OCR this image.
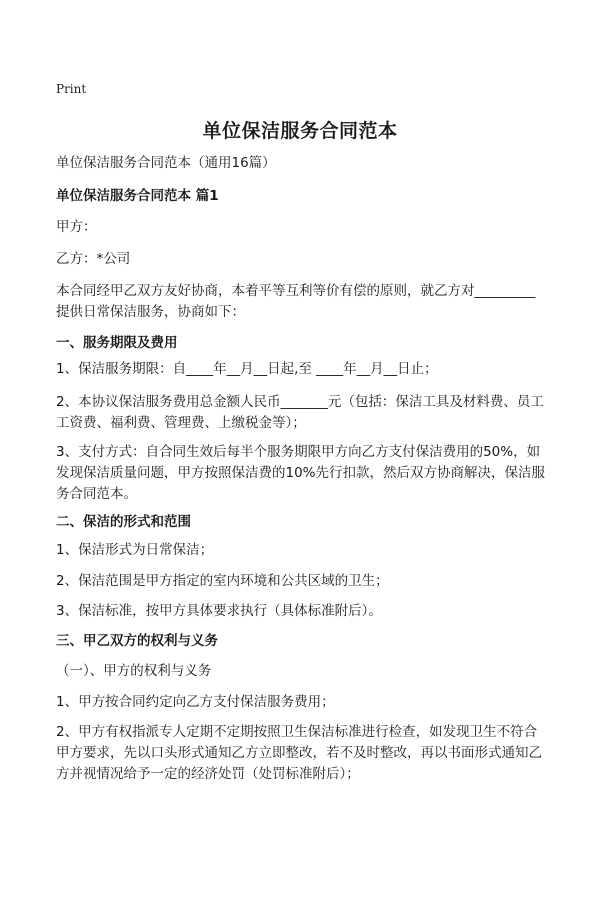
Print
单位保洁服务合同范本
单位保洁服务合同范本（通用16篇）
单位保洁服务合同范本 篇1
甲方：
乙方：*公司
本合同经甲乙双方友好协商，本着平等互利等价有偿的原则，就乙方对_________
提供日常保洁服务，协商如下：
一、服务期限及费用
1、保洁服务期限：自____年__月__日起,至 ____年__月__日止；
2、本协议保洁服务费用总金额人民币_______元（包括：保洁工具及材料费、员工
工资费、福利费、管理费、上缴税金等）；
3、支付方式：自合同生效后每半个服务期限甲方向乙方支付保洁费用的50%，如
发现保洁质量问题，甲方按照保洁费的10%先行扣款，然后双方协商解决，保洁服
务合同范本。
二、保洁的形式和范围
1、保洁形式为日常保洁；
2、保洁范围是甲方指定的室内环境和公共区域的卫生；
3、保洁标准，按甲方具体要求执行（具体标准附后）。
三、甲乙双方的权利与义务
（一）、甲方的权利与义务
1、甲方按合同约定向乙方支付保洁服务费用；
2、甲方有权指派专人定期不定期按照卫生保洁标准进行检查，如发现卫生不符合
甲方要求，先以口头形式通知乙方立即整改，若不及时整改，再以书面形式通知乙
方并视情况给予一定的经济处罚（处罚标准附后）；
